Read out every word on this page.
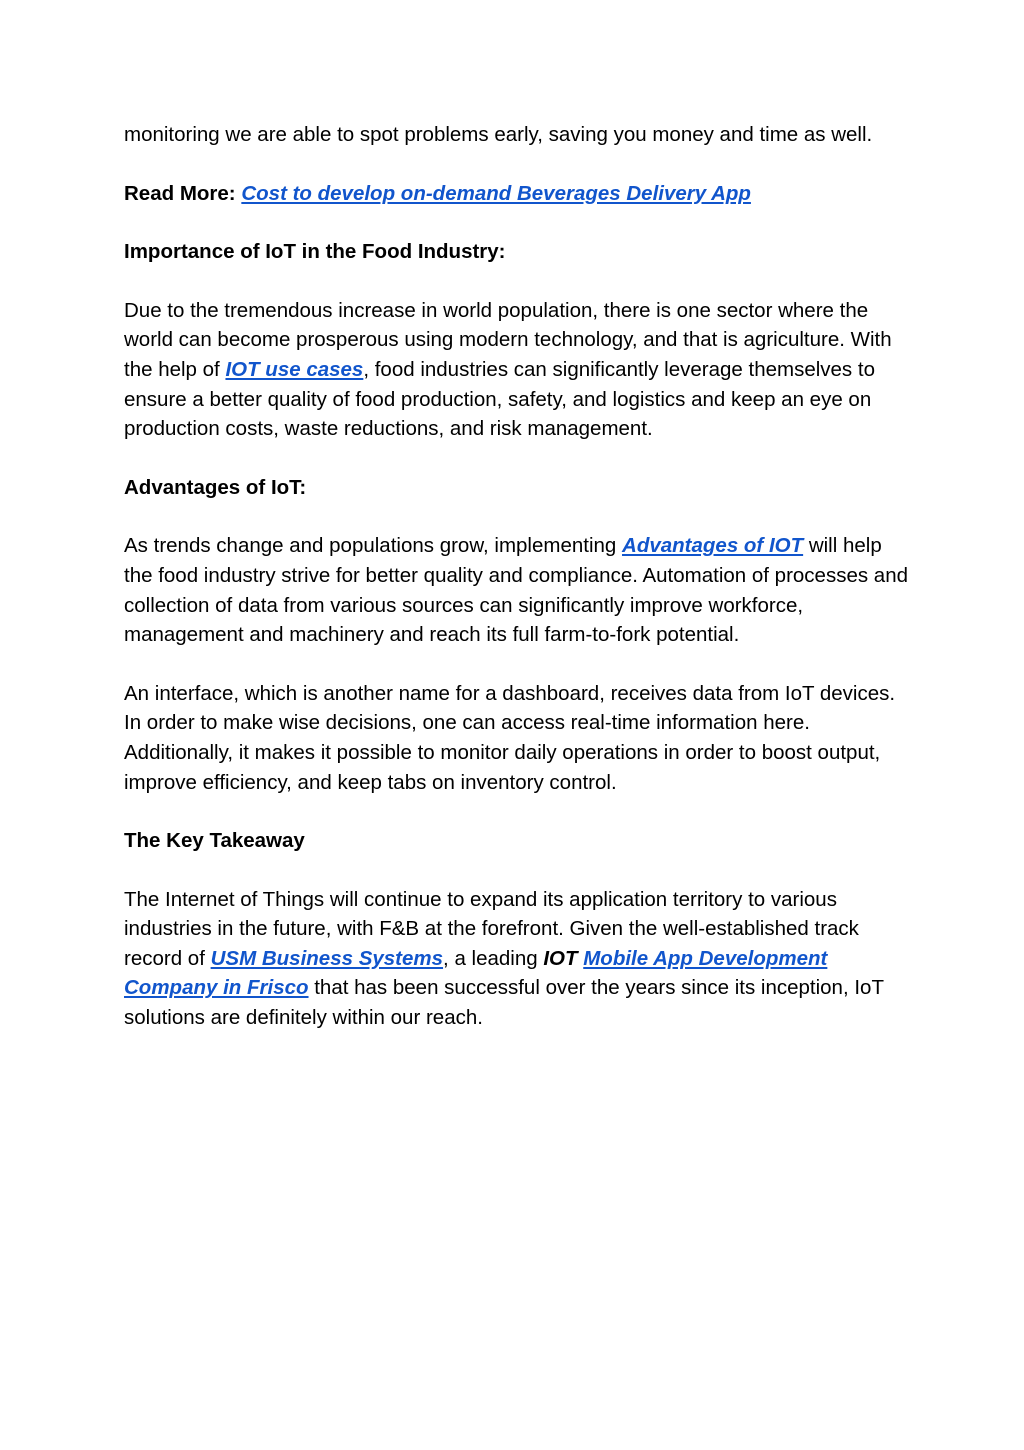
monitoring we are able to spot problems early, saving you money and time as well.

Read More: Cost to develop on-demand Beverages Delivery App

Importance of IoT in the Food Industry:

Due to the tremendous increase in world population, there is one sector where the world can become prosperous using modern technology, and that is agriculture. With the help of IOT use cases, food industries can significantly leverage themselves to ensure a better quality of food production, safety, and logistics and keep an eye on production costs, waste reductions, and risk management.

Advantages of IoT:

As trends change and populations grow, implementing Advantages of IOT will help the food industry strive for better quality and compliance. Automation of processes and collection of data from various sources can significantly improve workforce, management and machinery and reach its full farm-to-fork potential.

An interface, which is another name for a dashboard, receives data from IoT devices. In order to make wise decisions, one can access real-time information here. Additionally, it makes it possible to monitor daily operations in order to boost output, improve efficiency, and keep tabs on inventory control.

The Key Takeaway

The Internet of Things will continue to expand its application territory to various industries in the future, with F&B at the forefront. Given the well-established track record of USM Business Systems, a leading IOT Mobile App Development Company in Frisco that has been successful over the years since its inception, IoT solutions are definitely within our reach.
